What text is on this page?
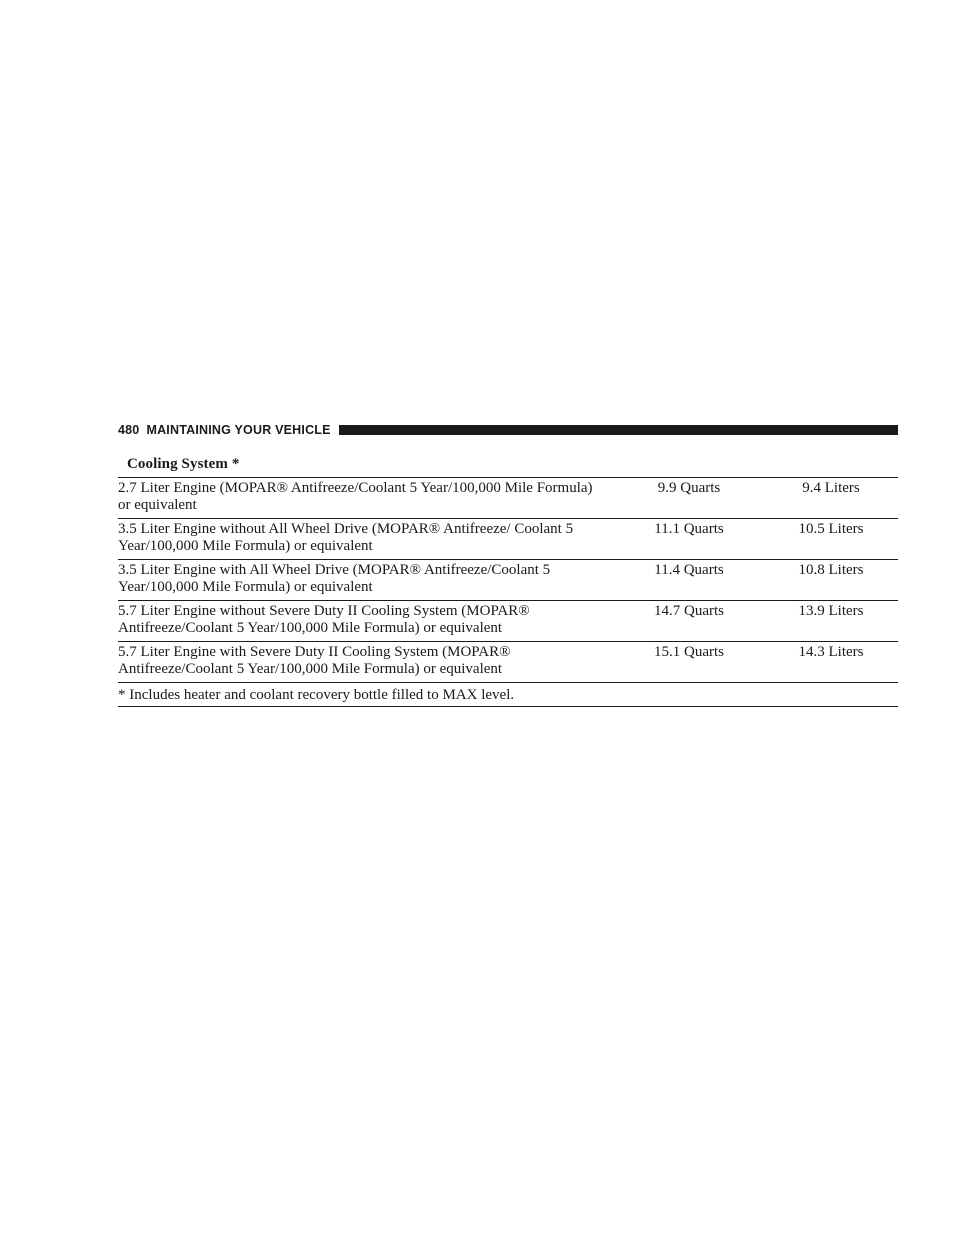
480 MAINTAINING YOUR VEHICLE
Cooling System *		
2.7 Liter Engine (MOPAR® Antifreeze/Coolant 5 Year/100,000 Mile Formula) or equivalent	9.9 Quarts	9.4 Liters
3.5 Liter Engine without All Wheel Drive (MOPAR® Antifreeze/ Coolant 5 Year/100,000 Mile Formula) or equivalent	11.1 Quarts	10.5 Liters
3.5 Liter Engine with All Wheel Drive (MOPAR® Antifreeze/Coolant 5 Year/100,000 Mile Formula) or equivalent	11.4 Quarts	10.8 Liters
5.7 Liter Engine without Severe Duty II Cooling System (MOPAR® Antifreeze/Coolant 5 Year/100,000 Mile Formula) or equivalent	14.7 Quarts	13.9 Liters
5.7 Liter Engine with Severe Duty II Cooling System (MOPAR® Antifreeze/Coolant 5 Year/100,000 Mile Formula) or equivalent	15.1 Quarts	14.3 Liters
* Includes heater and coolant recovery bottle filled to MAX level.		
